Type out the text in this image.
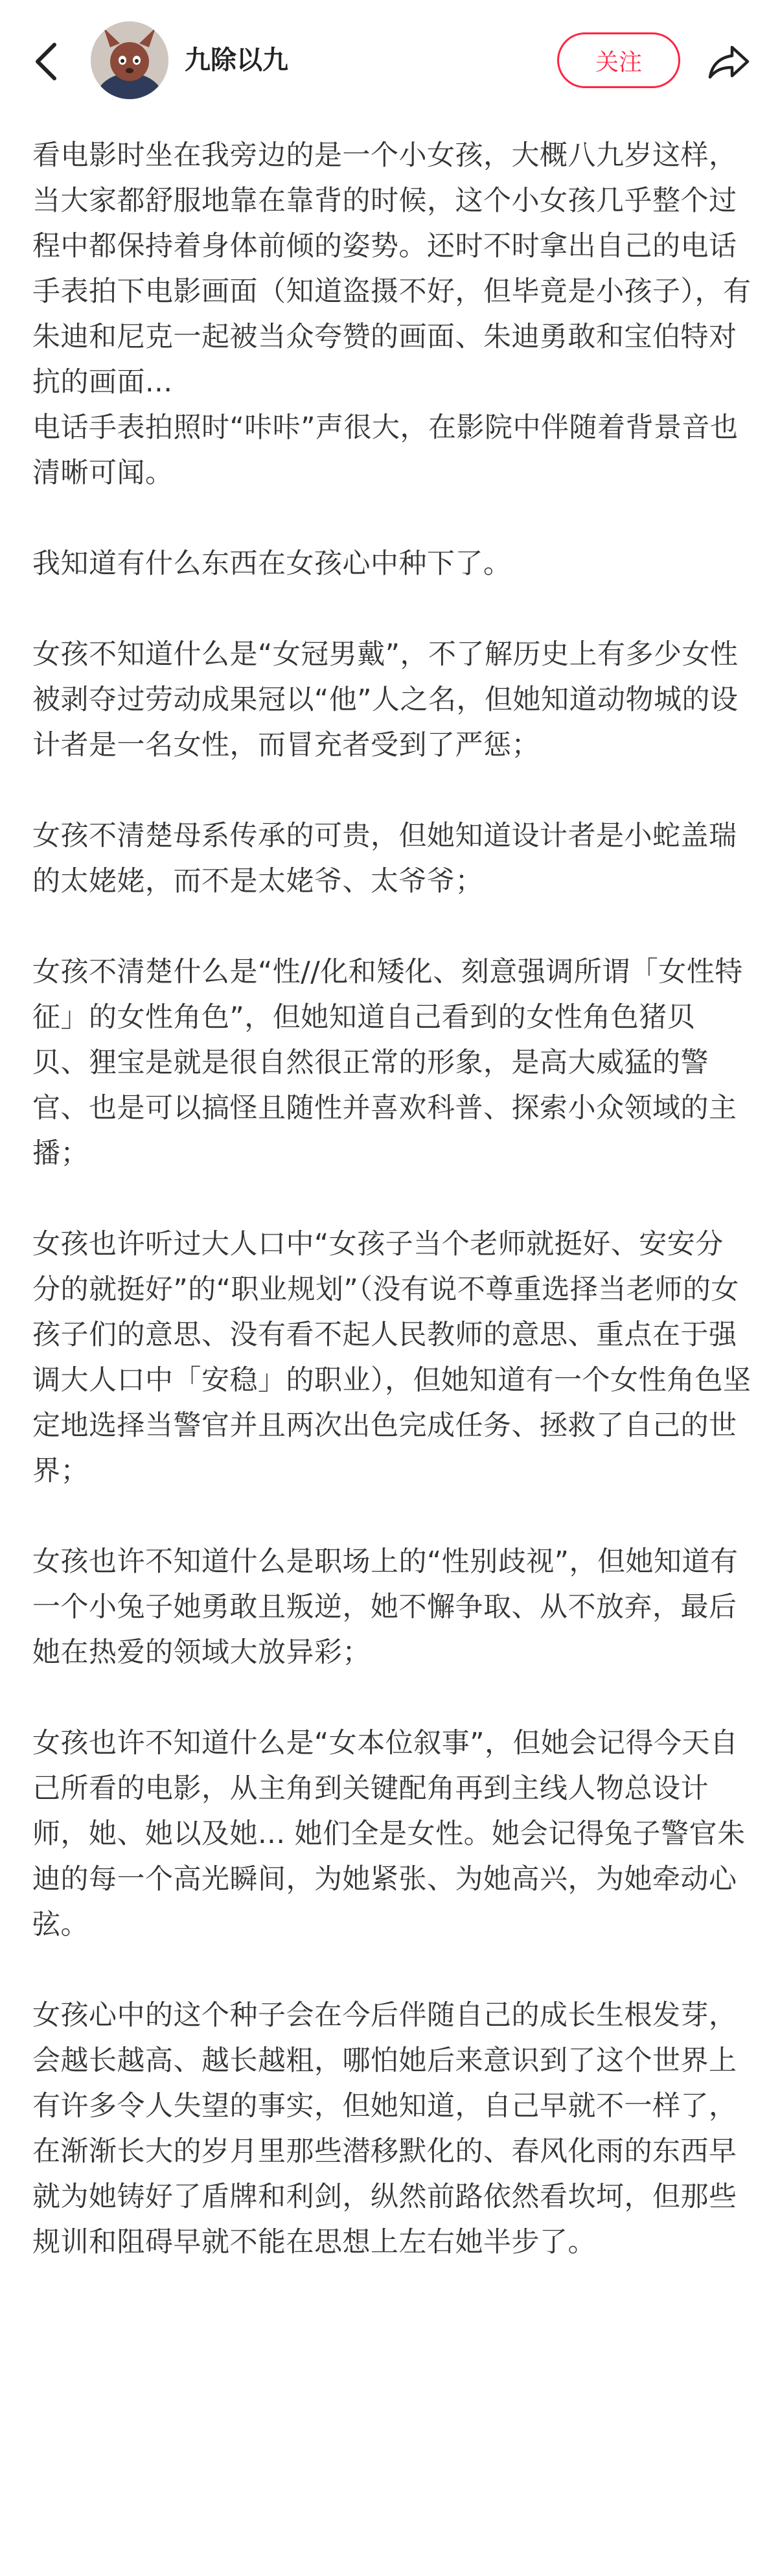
九除以九	关注

看电影时坐在我旁边的是一个小女孩，大概八九岁这样，当大家都舒服地靠在靠背的时候，这个小女孩几乎整个过程中都保持着身体前倾的姿势。还时不时拿出自己的电话手表拍下电影画面（知道盗摄不好，但毕竟是小孩子），有朱迪和尼克一起被当众夸赞的画面、朱迪勇敢和宝伯特对抗的画面...

电话手表拍照时“咔咔”声很大，在影院中伴随着背景音也清晰可闻。

我知道有什么东西在女孩心中种下了。

女孩不知道什么是“女冠男戴”，不了解历史上有多少女性被剥夺过劳动成果冠以“他”人之名，但她知道动物城的设计者是一名女性，而冒充者受到了严惩；

女孩不清楚母系传承的可贵，但她知道设计者是小蛇盖瑞的太姥姥，而不是太姥爷、太爷爷；

女孩不清楚什么是“性//化和矮化、刻意强调所谓「女性特征」的女性角色”，但她知道自己看到的女性角色猪贝贝、狸宝是就是很自然很正常的形象，是高大威猛的警官、也是可以搞怪且随性并喜欢科普、探索小众领域的主播；

女孩也许听过大人口中“女孩子当个老师就挺好、安安分分的就挺好”的“职业规划”（没有说不尊重选择当老师的女孩子们的意思、没有看不起人民教师的意思、重点在于强调大人口中「安稳」的职业），但她知道有一个女性角色坚定地选择当警官并且两次出色完成任务、拯救了自己的世界；

女孩也许不知道什么是职场上的“性别歧视”，但她知道有一个小兔子她勇敢且叛逆，她不懈争取、从不放弃，最后她在热爱的领域大放异彩；

女孩也许不知道什么是“女本位叙事”，但她会记得今天自己所看的电影，从主角到关键配角再到主线人物总设计师，她、她以及她... 她们全是女性。她会记得兔子警官朱迪的每一个高光瞬间，为她紧张、为她高兴，为她牵动心弦。

女孩心中的这个种子会在今后伴随自己的成长生根发芽，会越长越高、越长越粗，哪怕她后来意识到了这个世界上有许多令人失望的事实，但她知道，自己早就不一样了，在渐渐长大的岁月里那些潜移默化的、春风化雨的东西早就为她铸好了盾牌和利剑，纵然前路依然看坎坷，但那些规训和阻碍早就不能在思想上左右她半步了。
